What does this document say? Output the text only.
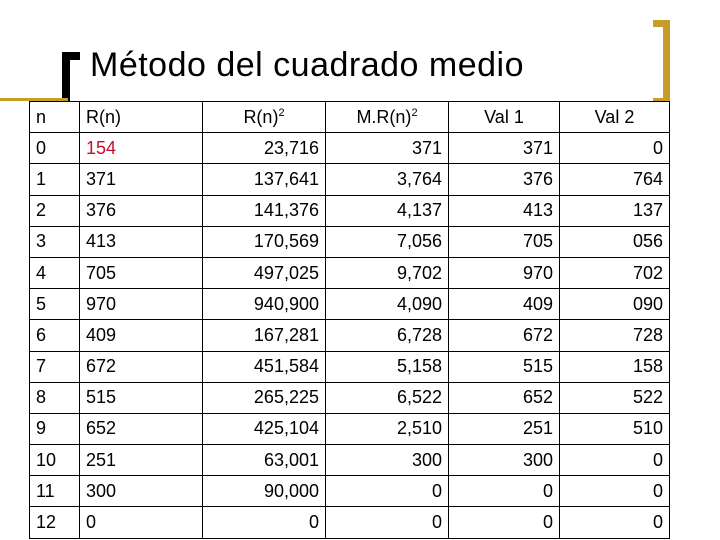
Método del cuadrado medio
n	R(n)	$R(n)^2$	$M.R(n)^2$	Val 1	Val 2
0	154	23,716	371	371	0
1	371	137,641	3,764	376	764
2	376	141,376	4,137	413	137
3	413	170,569	7,056	705	056
4	705	497,025	9,702	970	702
5	970	940,900	4,090	409	090
6	409	167,281	6,728	672	728
7	672	451,584	5,158	515	158
8	515	265,225	6,522	652	522
9	652	425,104	2,510	251	510
10	251	63,001	300	300	0
11	300	90,000	0	0	0
12	0	0	0	0	0
